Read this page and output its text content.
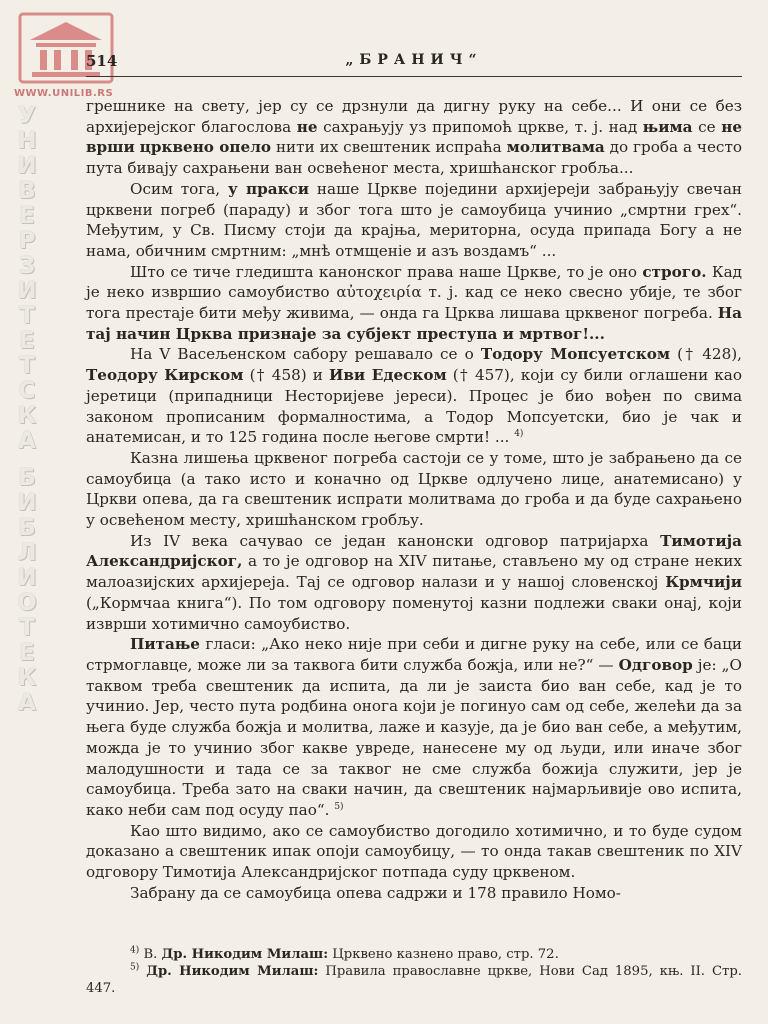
WWW.UNILIB.RS
У
Н
И
В
Е
Р
З
И
Т
Е
Т
С
К
А

Б
И
Б
Л
И
О
Т
Е
К
А
514	„БРАНИЧ“

грешнике на свету, јер су се дрзнули да дигну руку на себе... И они се без архијерејског благослова не сахрањују уз припомоћ цркве, т. ј. над њима се не врши црквено опело нити их свештеник испраћа молитвама до гроба а често пута бивају сахрањени ван освећеног места, хришћанског гробља...

Осим тога, у пракси наше Цркве поједини архијереји забрањују свечан црквени погреб (параду) и због тога што је самоубица учинио „смртни грех“. Међутим, у Св. Писму стоји да крајња, мериторна, осуда припада Богу а не нама, обичним смртним: „мнѣ отмщеніе и азъ воздамъ“ ...

Што се тиче гледишта канонског права наше Цркве, то је оно строго. Кад је неко извршио самоубиство αὐτοχειρία т. ј. кад се неко свесно убије, те због тога престаје бити међу живима, — онда га Црква лишава црквеног погреба. На тај начин Црква признаје за субјект преступа и мртвог!...

На V Васељенском сабору решавало се о Тодору Мопсуетском († 428), Теодору Кирском († 458) и Иви Едеском († 457), који су били оглашени као јеретици (припадници Несторијеве јереси). Процес је био вођен по свима законом прописаним формалностима, а Тодор Мопсуетски, био је чак и анатемисан, и то 125 година после његове смрти! ... $^{4)}$

Казна лишења црквеног погреба састоји се у томе, што је забрањено да се самоубица (а тако исто и коначно од Цркве одлучено лице, анатемисано) у Цркви опева, да га свештеник испрати молитвама до гроба и да буде сахрањено у освећеном месту, хришћанском гробљу.

Из IV века сачувао се један канонски одговор патријарха Тимотија Александријског, а то је одговор на XIV питање, стављено му од стране неких малоазијских архијереја. Тај се одговор налази и у нашој словенској Крмчији („Кормчаа книга“). По том одговору поменутој казни подлежи сваки онај, који изврши хотимично самоубиство.

Питање гласи: „Ако неко није при себи и дигне руку на себе, или се баци стрмоглавце, може ли за таквога бити служба божја, или не?“ — Одговор је: „О таквом треба свештеник да испита, да ли је заиста био ван себе, кад је то учинио. Јер, често пута родбина онога који је погинуо сам од себе, желећи да за њега буде служба божја и молитва, лаже и казује, да је био ван себе, а међутим, можда је то учинио због какве увреде, нанесене му од људи, или иначе због малодушности и тада се за таквог не сме служба божија служити, јер је самоубица. Треба зато на сваки начин, да свештеник најмарљивије ово испита, како неби сам под осуду пао“. $^{5)}$

Као што видимо, ако се самоубиство догодило хотимично, и то буде судом доказано а свештеник ипак опоји самоубицу, — то онда такав свештеник по XIV одговору Тимотија Александријског потпада суду црквеном.

Забрану да се самоубица опева садржи и 178 правило Номо-

$^{4)}$ В. Др. Никодим Милаш: Црквено казнено право, стр. 72.

$^{5)}$ Др. Никодим Милаш: Правила православне цркве, Нови Сад 1895, књ. II. Стр. 447.
